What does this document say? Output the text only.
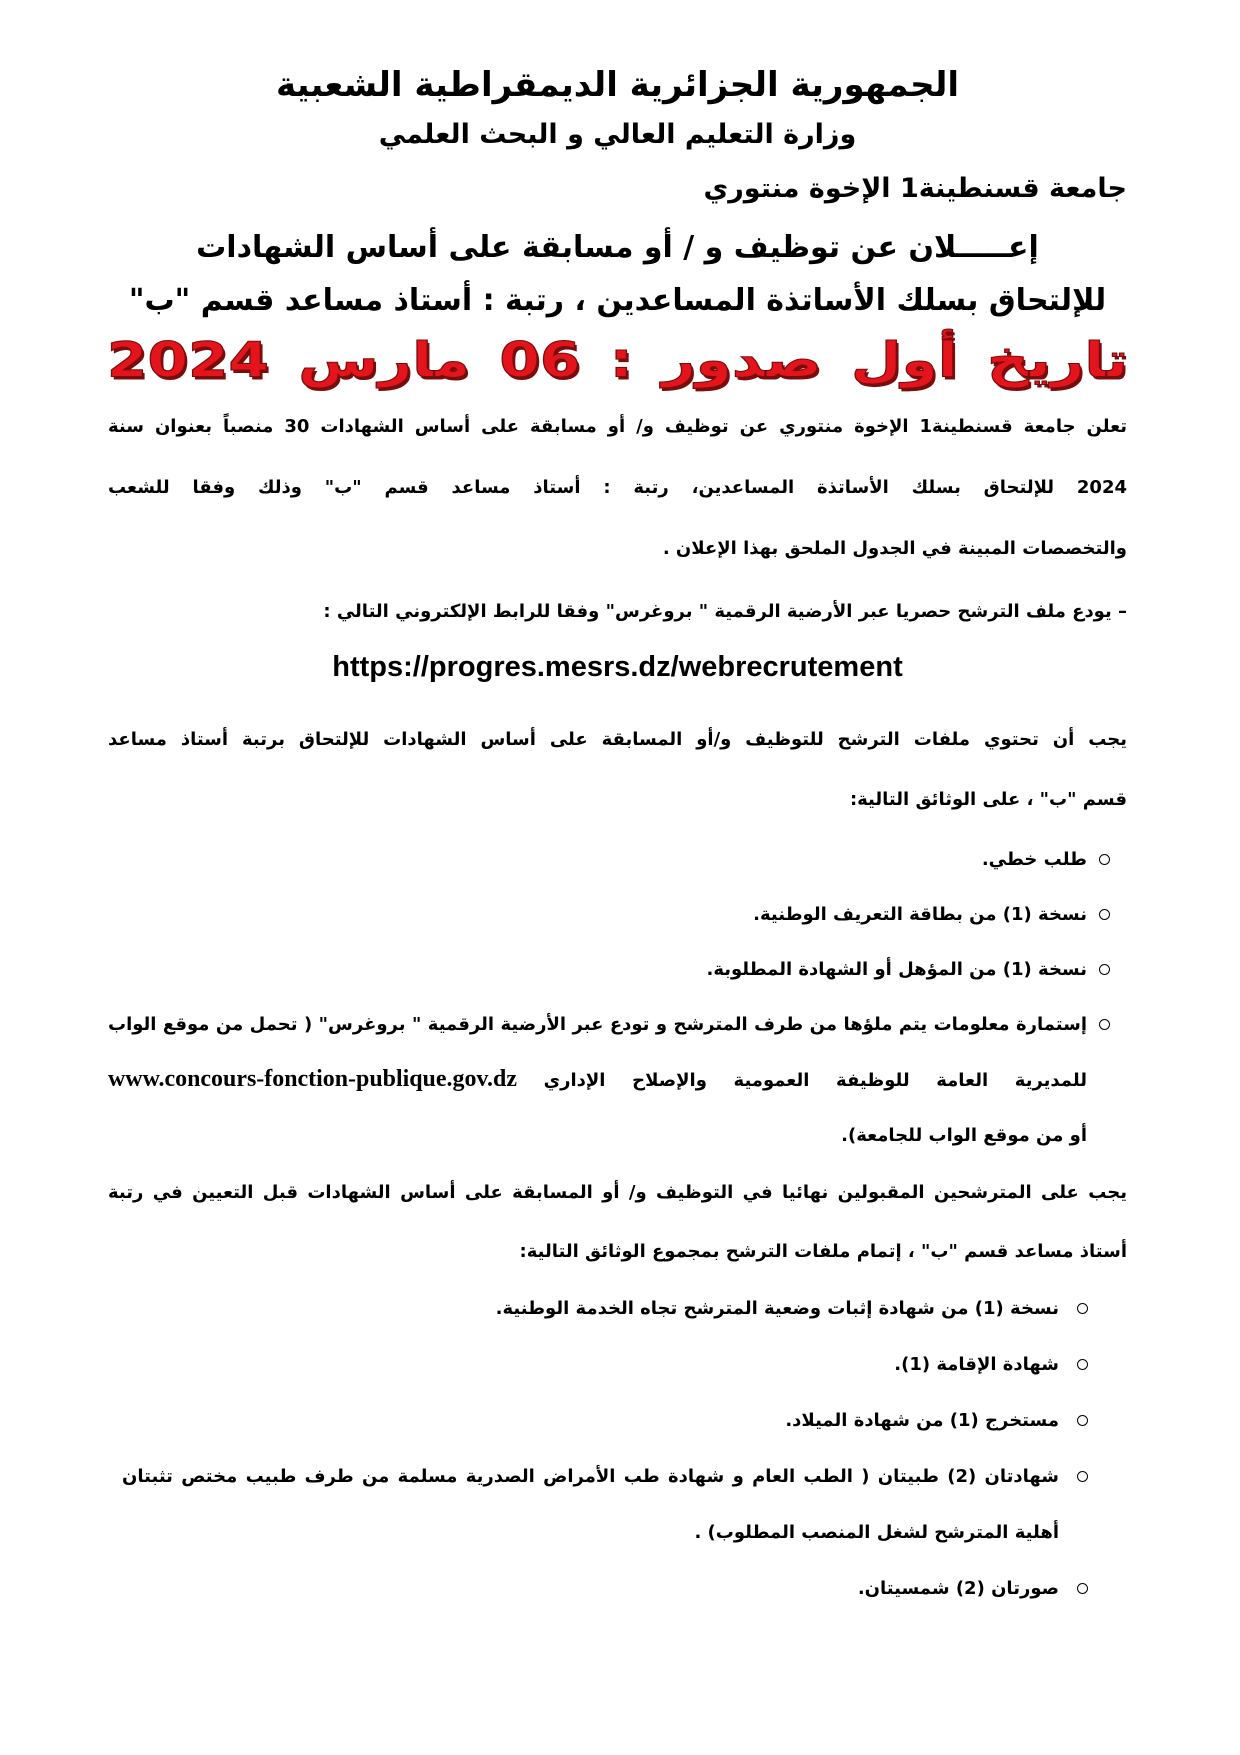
الجمهورية الجزائرية الديمقراطية الشعبية
وزارة التعليم العالي و البحث العلمي
جامعة قسنطينة1 الإخوة منتوري
إعـــــلان عن توظيف و / أو مسابقة على أساس الشهادات
للإلتحاق بسلك الأساتذة المساعدين ، رتبة : أستاذ مساعد قسم "ب"
تاريخ أول صدور : 06 مارس 2024
تعلن جامعة قسنطينة1 الإخوة منتوري عن توظيف و/ أو مسابقة على أساس الشهادات 30 منصباً بعنوان سنة
2024 للإلتحاق بسلك الأساتذة المساعدين، رتبة : أستاذ مساعد قسم "ب" وذلك وفقا للشعب
والتخصصات المبينة في الجدول الملحق بهذا الإعلان .
– يودع ملف الترشح حصريا عبر الأرضية الرقمية " بروغرس" وفقا للرابط الإلكتروني التالي :
https://progres.mesrs.dz/webrecrutement
يجب أن تحتوي ملفات الترشح للتوظيف و/أو المسابقة على أساس الشهادات للإلتحاق برتبة أستاذ مساعد
قسم "ب" ، على الوثائق التالية:
طلب خطي.
نسخة (1) من بطاقة التعريف الوطنية.
نسخة (1) من المؤهل أو الشهادة المطلوبة.
إستمارة معلومات يتم ملؤها من طرف المترشح و تودع عبر الأرضية الرقمية " بروغرس" ( تحمل من موقع الواب
للمديرية العامة للوظيفة العمومية والإصلاح الإداري www.concours-fonction-publique.gov.dz
أو من موقع الواب للجامعة).
يجب على المترشحين المقبولين نهائيا في التوظيف و/ أو المسابقة على أساس الشهادات قبل التعيين في رتبة
أستاذ مساعد قسم "ب" ، إتمام ملفات الترشح بمجموع الوثائق التالية:
نسخة (1) من شهادة إثبات وضعية المترشح تجاه الخدمة الوطنية.
شهادة الإقامة (1).
مستخرج (1) من شهادة الميلاد.
شهادتان (2) طبيتان ( الطب العام و شهادة طب الأمراض الصدرية مسلمة من طرف طبيب مختص تثبتان
أهلية المترشح لشغل المنصب المطلوب) .
صورتان (2) شمسيتان.
